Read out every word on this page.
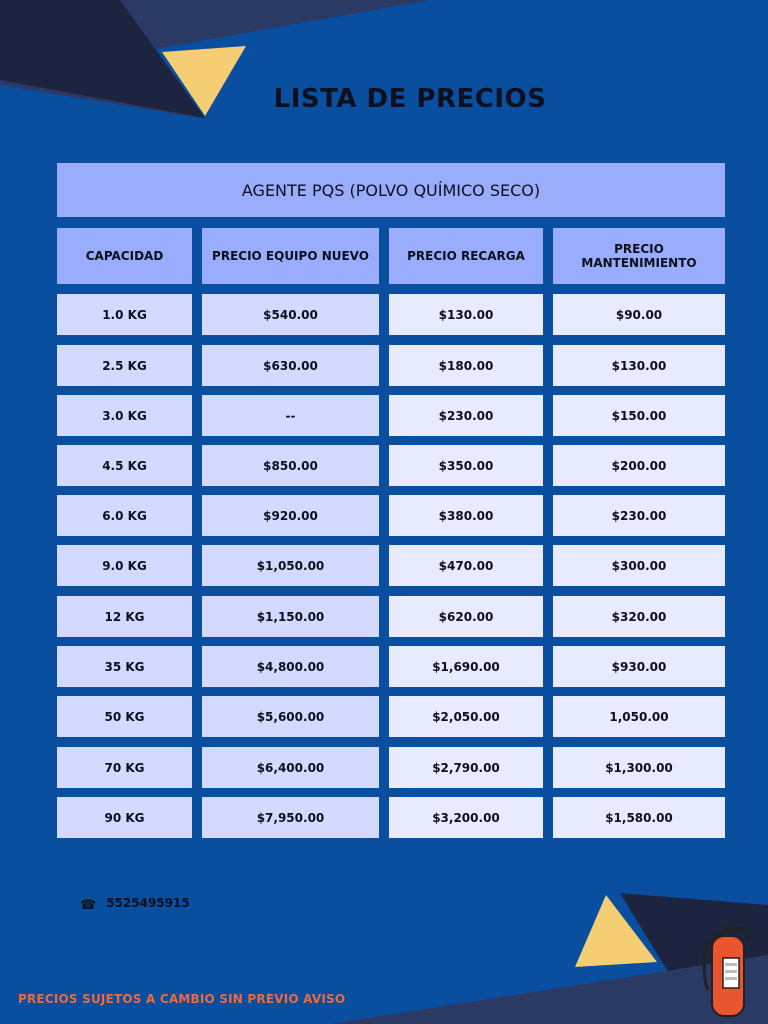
LISTA DE PRECIOS
AGENTE PQS (POLVO QUÍMICO SECO)
CAPACIDAD	PRECIO EQUIPO NUEVO	PRECIO RECARGA	PRECIO MANTENIMIENTO
1.0 KG	$540.00	$130.00	$90.00
2.5 KG	$630.00	$180.00	$130.00
3.0 KG	--	$230.00	$150.00
4.5 KG	$850.00	$350.00	$200.00
6.0 KG	$920.00	$380.00	$230.00
9.0 KG	$1,050.00	$470.00	$300.00
12 KG	$1,150.00	$620.00	$320.00
35 KG	$4,800.00	$1,690.00	$930.00
50 KG	$5,600.00	$2,050.00	1,050.00
70 KG	$6,400.00	$2,790.00	$1,300.00
90 KG	$7,950.00	$3,200.00	$1,580.00
☎ 5525495915
PRECIOS SUJETOS A CAMBIO SIN PREVIO AVISO
